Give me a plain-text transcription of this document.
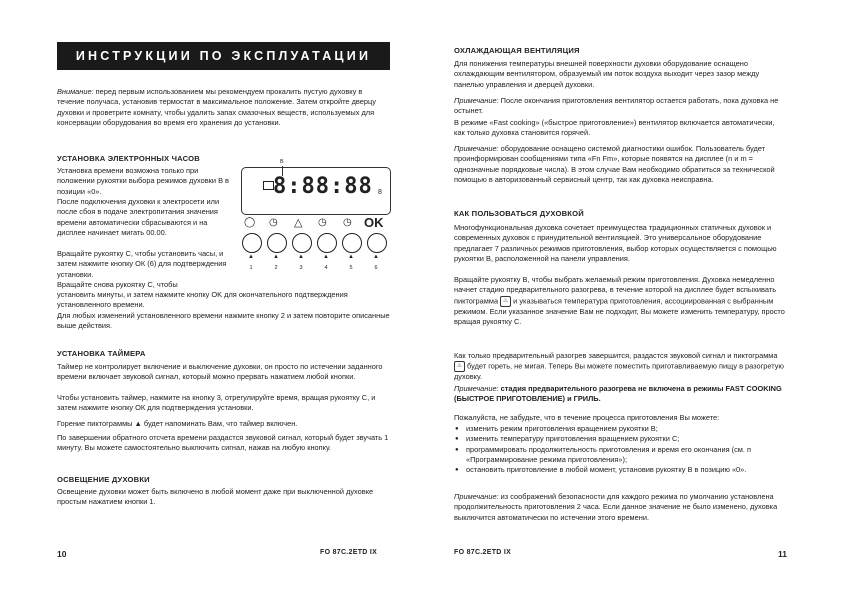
ИНСТРУКЦИИ ПО ЭКСПЛУАТАЦИИ

Внимание: перед первым использованием мы рекомендуем прокалить пустую духовку в течение получаса, установив термостат в максимальное положение. Затем откройте дверцу духовки и проветрите комнату, чтобы удалить запах смазочных веществ, используемых для консервации оборудования во время его хранения до установки.

УСТАНОВКА ЭЛЕКТРОННЫХ ЧАСОВ

Установка времени возможна только при положении рукоятки выбора режимов духовки В в позиции «0».

После подключения духовки к электросети или после сбоя в подаче электропитания значения времени автоматически сбрасываются и на дисплее начинает мигать 00.00.

Вращайте рукоятку С, чтобы установить часы, и затем нажмите кнопку ОК (6) для подтверждения установки.

Вращайте снова рукоятку С, чтобы

установить минуты, и затем нажмите кнопку OK для окончательного подтверждения установленного времени.

Для любых изменений установленного времени нажмите кнопку 2 и затем повторите описанные выше действия.

B
8:88:88 8
◯ ◷ △ ◷ ◷ OK
▲	▲	▲	▲	▲	▲
1	2	3	4	5	6

УСТАНОВКА ТАЙМЕРА

Таймер не контролирует включение и выключение духовки, он просто по истечении заданного времени включает звуковой сигнал, который можно прервать нажатием любой кнопки.

Чтобы установить таймер, нажмите на кнопку 3, отрегулируйте время, вращая рукоятку С, и затем нажмите кнопку ОК для подтверждения установки.

Горение пиктограммы ▲ будет напоминать Вам, что таймер включен.

По завершении обратного отсчета времени раздастся звуковой сигнал, который будет звучать 1 минуту. Вы можете самостоятельно выключить сигнал, нажав на любую кнопку.

ОСВЕЩЕНИЕ ДУХОВКИ

Освещение духовки может быть включено в любой момент даже при выключенной духовке простым нажатием кнопки 1.

10	FO 87C.2ETD IX

ОХЛАЖДАЮЩАЯ ВЕНТИЛЯЦИЯ

Для понижения температуры внешней поверхности духовки оборудование оснащено охлаждающим вентилятором, образуемый им поток воздуха выходит через зазор между панелью управления и дверцей духовки.

Примечание: После окончания приготовления вентилятор остается работать, пока духовка не остынет.

В режиме «Fast cooking» («быстрое приготовление») вентилятор включается автоматически, как только духовка становится горячей.

Примечание: оборудование оснащено системой диагностики ошибок. Пользователь будет проинформирован сообщениями типа «Fn Fm», которые появятся на дисплее (n и m = однозначные порядковые числа). В этом случае Вам необходимо обратиться за технической помощью в авторизованный сервисный центр, так как духовка неисправна.

КАК ПОЛЬЗОВАТЬСЯ ДУХОВКОЙ

Многофункциональная духовка сочетает преимущества традиционных статичных духовок и современных духовок с принудительной вентиляцией. Это универсальное оборудование предлагает 7 различных режимов приготовления, выбор которых осуществляется с помощью рукоятки В, расположенной на панели управления.

Вращайте рукоятку В, чтобы выбрать желаемый режим приготовления. Духовка немедленно начнет стадию предварительного разогрева, в течение которой на дисплее будет вспыхивать пиктограмма ♨ и указываться температура приготовления, ассоциированная с выбранным режимом. Если указанное значение Вам не подходит, Вы можете изменить температуру, просто вращая рукоятку С.

Как только предварительный разогрев завершится, раздастся звуковой сигнал и пиктограмма ♨ будет гореть, не мигая. Теперь Вы можете поместить приготавливаемую пищу в разогретую духовку.

Примечание: стадия предварительного разогрева не включена в режимы FAST COOKING (БЫСТРОЕ ПРИГОТОВЛЕНИЕ) и ГРИЛЬ.

Пожалуйста, не забудьте, что в течение процесса приготовления Вы можете:

● изменить режим приготовления вращением рукоятки В;
● изменить температуру приготовления вращением рукоятки С;
● программировать продолжительность приготовления и время его окончания (см. п «Программирование режима приготовления»);
● остановить приготовление в любой момент, установив рукоятку В в позицию «0».

Примечание: из соображений безопасности для каждого режима по умолчанию установлена продолжительность приготовления 2 часа. Если данное значение не было изменено, духовка выключится автоматически по истечении этого времени.

FO 87C.2ETD IX	11
